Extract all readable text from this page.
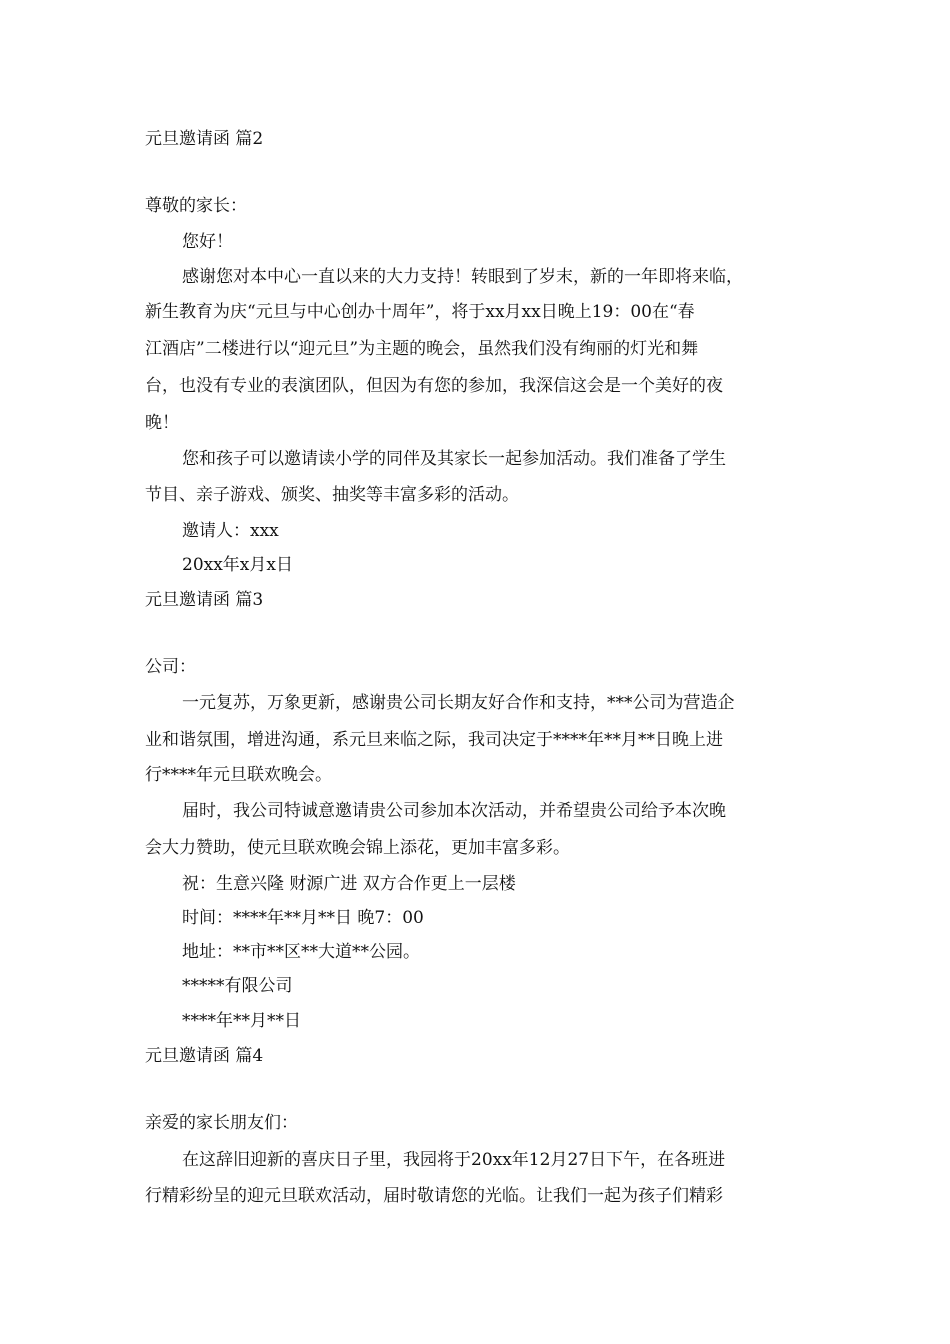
元旦邀请函 篇2
尊敬的家长：
您好！
感谢您对本中心一直以来的大力支持！转眼到了岁末，新的一年即将来临，
新生教育为庆“元旦与中心创办十周年”，将于xx月xx日晚上19：00在“春
江酒店”二楼进行以“迎元旦”为主题的晚会，虽然我们没有绚丽的灯光和舞
台，也没有专业的表演团队，但因为有您的参加，我深信这会是一个美好的夜
晚！
您和孩子可以邀请读小学的同伴及其家长一起参加活动。我们准备了学生
节目、亲子游戏、颁奖、抽奖等丰富多彩的活动。
邀请人：xxx
20xx年x月x日
元旦邀请函 篇3
公司：
一元复苏，万象更新，感谢贵公司长期友好合作和支持，***公司为营造企
业和谐氛围，增进沟通，系元旦来临之际，我司决定于****年**月**日晚上进
行****年元旦联欢晚会。
届时，我公司特诚意邀请贵公司参加本次活动，并希望贵公司给予本次晚
会大力赞助，使元旦联欢晚会锦上添花，更加丰富多彩。
祝：生意兴隆 财源广进 双方合作更上一层楼
时间：****年**月**日 晚7：00
地址：**市**区**大道**公园。
*****有限公司
****年**月**日
元旦邀请函 篇4
亲爱的家长朋友们：
在这辞旧迎新的喜庆日子里，我园将于20xx年12月27日下午，在各班进
行精彩纷呈的迎元旦联欢活动，届时敬请您的光临。让我们一起为孩子们精彩
